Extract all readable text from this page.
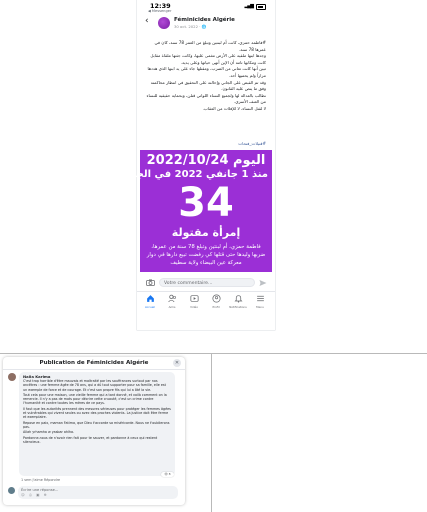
12:39
◀ Messenger
▂▄▆
‹	Féminicides Algérie
30 oct. 2022 · 🌐

#فاطمة حمزي، كانت أم لبنتين وتبلغ من العمر 78 سنة، كان في عمرها 78 سنة.

وجدها ابنها ملقية على الأرض مغمى عليها، وكانت جثتها ملقاة مقابل كانت ومكابها تامة أن الإبن أنهى حياتها وعلى يديه.

تبين أنها كانت تعاني من الضرب، ومقتلها جاء على يد ابنها الذي هددها مراراً ولم يحميها أحد.

وقد تم القبض على الجاني وإحالته على التحقيق في انتظار محاكمته وفق ما ينص عليه القانون.

نطالب بالعدالة لها ولجميع النساء اللواتي قتلن، وبحماية حقيقية للنساء من العنف الأسري.

لا لقتل النساء، لا للإفلات من العقاب.

#قتيلات_فتحات
اليوم 2022/10/24
منذ 1 جانفي 2022 في الجزائر
34
إمرأة مقتولة
فاطمة حمزي، أم لبنتين وتبلغ 78 سنة من عمرها، ضربها وليدها حتى قتلها كي رفضت تبيع دارها في دوار معركة عين البيضاء ولاية سطيف
Votre commentaire...
Accueil	Amis	Vidéo	Profil	Notifications	Menu
Publication de Féminicides Algérie	✕
Naila Karima

C'est trop horrible d'être mauvais et maltraité par les souffrances surtout par nos ancêtres : une femme âgée de 78 ans, qui a dû tout supporter pour sa famille, elle est un exemple de force et de courage. Et c'est son propre fils qui lui a ôté la vie.

Tout cela pour une maison, une vieille femme qui a tant donné, et voilà comment on la remercie. Il n'y a pas de mots pour décrire cette cruauté, c'est un crime contre l'humanité et contre toutes les mères de ce pays.

Il faut que les autorités prennent des mesures sérieuses pour protéger les femmes âgées et vulnérables qui vivent seules ou avec des proches violents. La justice doit être ferme et exemplaire.

Repose en paix, maman Fatima, que Dieu t'accorde sa miséricorde. Nous ne t'oublierons pas.

Allah yrhamha w yasbar ahlha.

Pardonne-nous de n'avoir rien fait pour te sauver, et pardonne à ceux qui restent silencieux.

😢 3
1 sem J'aime Répondre
Écrire une réponse...
☺ ◎ ▣ ⊕
